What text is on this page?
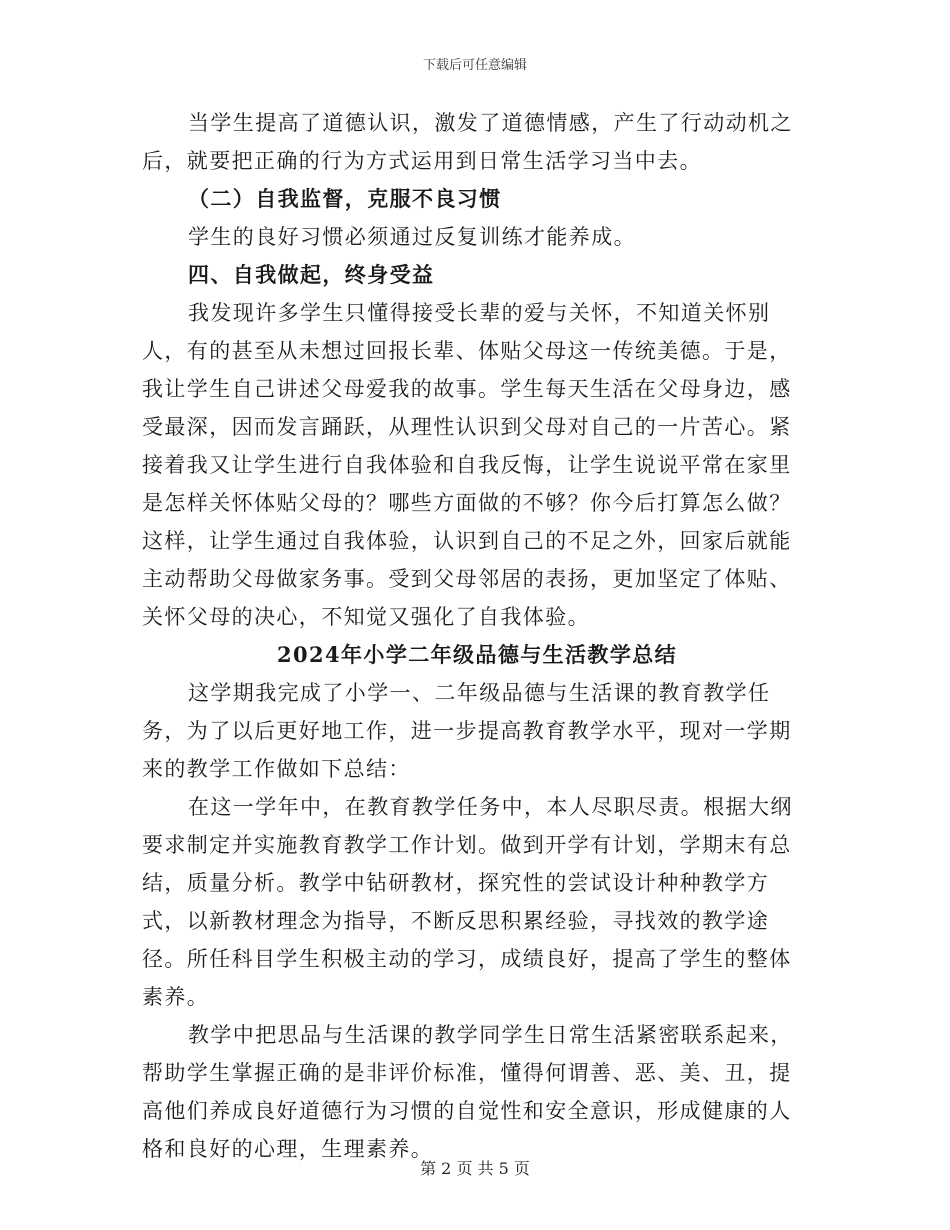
下载后可任意编辑

当学生提高了道德认识，激发了道德情感，产生了行动动机之后，就要把正确的行为方式运用到日常生活学习当中去。

（二）自我监督，克服不良习惯

学生的良好习惯必须通过反复训练才能养成。

四、自我做起，终身受益

我发现许多学生只懂得接受长辈的爱与关怀，不知道关怀别人，有的甚至从未想过回报长辈、体贴父母这一传统美德。于是，我让学生自己讲述父母爱我的故事。学生每天生活在父母身边，感受最深，因而发言踊跃，从理性认识到父母对自己的一片苦心。紧接着我又让学生进行自我体验和自我反悔，让学生说说平常在家里是怎样关怀体贴父母的？哪些方面做的不够？你今后打算怎么做？这样，让学生通过自我体验，认识到自己的不足之外，回家后就能主动帮助父母做家务事。受到父母邻居的表扬，更加坚定了体贴、关怀父母的决心，不知觉又强化了自我体验。

2024年小学二年级品德与生活教学总结

这学期我完成了小学一、二年级品德与生活课的教育教学任务，为了以后更好地工作，进一步提高教育教学水平，现对一学期来的教学工作做如下总结：

在这一学年中，在教育教学任务中，本人尽职尽责。根据大纲要求制定并实施教育教学工作计划。做到开学有计划，学期末有总结，质量分析。教学中钻研教材，探究性的尝试设计种种教学方式，以新教材理念为指导，不断反思积累经验，寻找效的教学途径。所任科目学生积极主动的学习，成绩良好，提高了学生的整体素养。

教学中把思品与生活课的教学同学生日常生活紧密联系起来，帮助学生掌握正确的是非评价标准，懂得何谓善、恶、美、丑，提高他们养成良好道德行为习惯的自觉性和安全意识，形成健康的人格和良好的心理，生理素养。

第 2 页 共 5 页
